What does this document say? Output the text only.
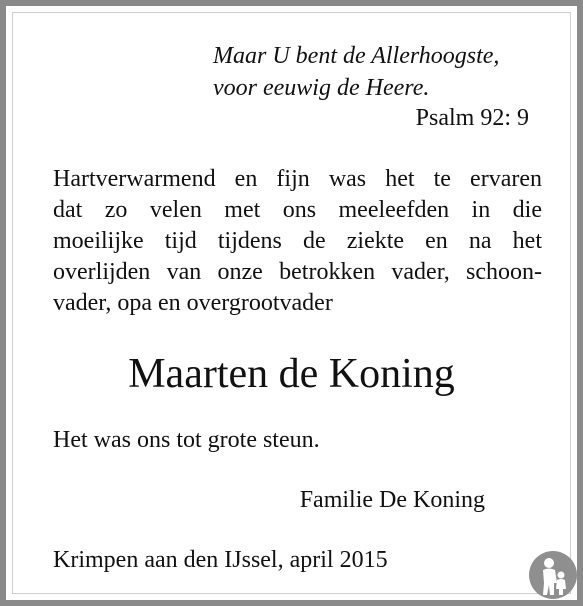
Maar U bent de Allerhoogste,
voor eeuwig de Heere.
Psalm 92: 9
Hartverwarmend en fijn was het te ervaren
dat zo velen met ons meeleefden in die
moeilijke tijd tijdens de ziekte en na het
overlijden van onze betrokken vader, schoon-
vader, opa en overgrootvader
Maarten de Koning
Het was ons tot grote steun.
Familie De Koning
Krimpen aan den IJssel, april 2015
